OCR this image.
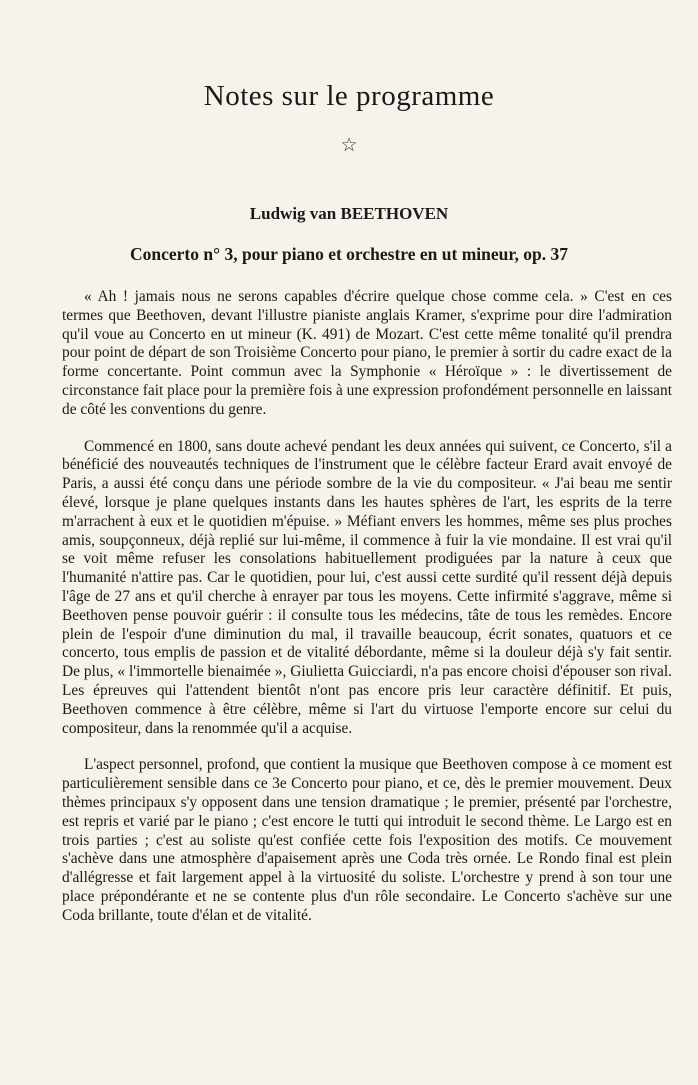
Notes sur le programme
☆
Ludwig van BEETHOVEN
Concerto n° 3, pour piano et orchestre en ut mineur, op. 37

« Ah ! jamais nous ne serons capables d'écrire quelque chose comme cela. » C'est en ces termes que Beethoven, devant l'illustre pianiste anglais Kramer, s'exprime pour dire l'admiration qu'il voue au Concerto en ut mineur (K. 491) de Mozart. C'est cette même tonalité qu'il prendra pour point de départ de son Troisième Concerto pour piano, le premier à sortir du cadre exact de la forme concertante. Point commun avec la Symphonie « Héroïque » : le divertissement de circonstance fait place pour la première fois à une expression profondément personnelle en laissant de côté les conventions du genre.

Commencé en 1800, sans doute achevé pendant les deux années qui suivent, ce Concerto, s'il a bénéficié des nouveautés techniques de l'instrument que le célèbre facteur Erard avait envoyé de Paris, a aussi été conçu dans une période sombre de la vie du compositeur. « J'ai beau me sentir élevé, lorsque je plane quelques instants dans les hautes sphères de l'art, les esprits de la terre m'arrachent à eux et le quotidien m'épuise. » Méfiant envers les hommes, même ses plus proches amis, soupçonneux, déjà replié sur lui-même, il commence à fuir la vie mondaine. Il est vrai qu'il se voit même refuser les consolations habituellement prodiguées par la nature à ceux que l'humanité n'attire pas. Car le quotidien, pour lui, c'est aussi cette surdité qu'il ressent déjà depuis l'âge de 27 ans et qu'il cherche à enrayer par tous les moyens. Cette infirmité s'aggrave, même si Beethoven pense pouvoir guérir : il consulte tous les médecins, tâte de tous les remèdes. Encore plein de l'espoir d'une diminution du mal, il travaille beaucoup, écrit sonates, quatuors et ce concerto, tous emplis de passion et de vitalité débordante, même si la douleur déjà s'y fait sentir. De plus, « l'immortelle bienaimée », Giulietta Guicciardi, n'a pas encore choisi d'épouser son rival. Les épreuves qui l'attendent bientôt n'ont pas encore pris leur caractère définitif. Et puis, Beethoven commence à être célèbre, même si l'art du virtuose l'emporte encore sur celui du compositeur, dans la renommée qu'il a acquise.

L'aspect personnel, profond, que contient la musique que Beethoven compose à ce moment est particulièrement sensible dans ce 3e Concerto pour piano, et ce, dès le premier mouvement. Deux thèmes principaux s'y opposent dans une tension dramatique ; le premier, présenté par l'orchestre, est repris et varié par le piano ; c'est encore le tutti qui introduit le second thème. Le Largo est en trois parties ; c'est au soliste qu'est confiée cette fois l'exposition des motifs. Ce mouvement s'achève dans une atmosphère d'apaisement après une Coda très ornée. Le Rondo final est plein d'allégresse et fait largement appel à la virtuosité du soliste. L'orchestre y prend à son tour une place prépondérante et ne se contente plus d'un rôle secondaire. Le Concerto s'achève sur une Coda brillante, toute d'élan et de vitalité.
